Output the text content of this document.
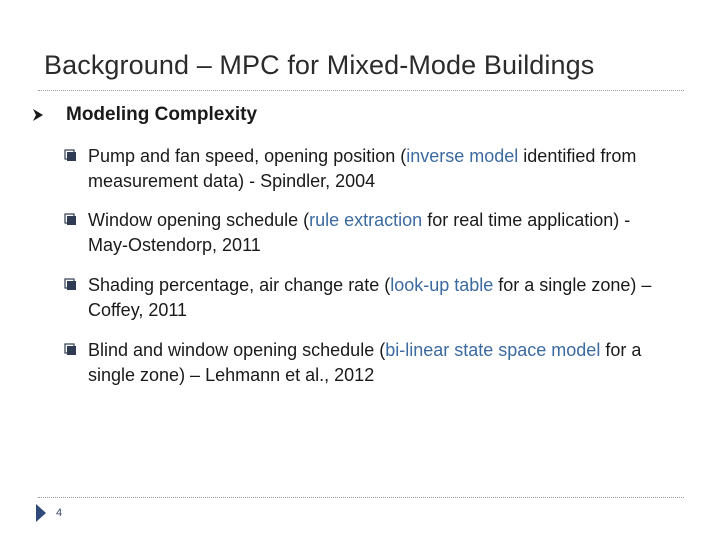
Background – MPC for Mixed-Mode Buildings
Modeling Complexity
Pump and fan speed, opening position (inverse model identified from measurement data) - Spindler, 2004
Window opening schedule (rule extraction for real time application) - May-Ostendorp, 2011
Shading percentage, air change rate (look-up table for a single zone) – Coffey, 2011
Blind and window opening schedule (bi-linear state space model for a single zone) – Lehmann et al., 2012
4
